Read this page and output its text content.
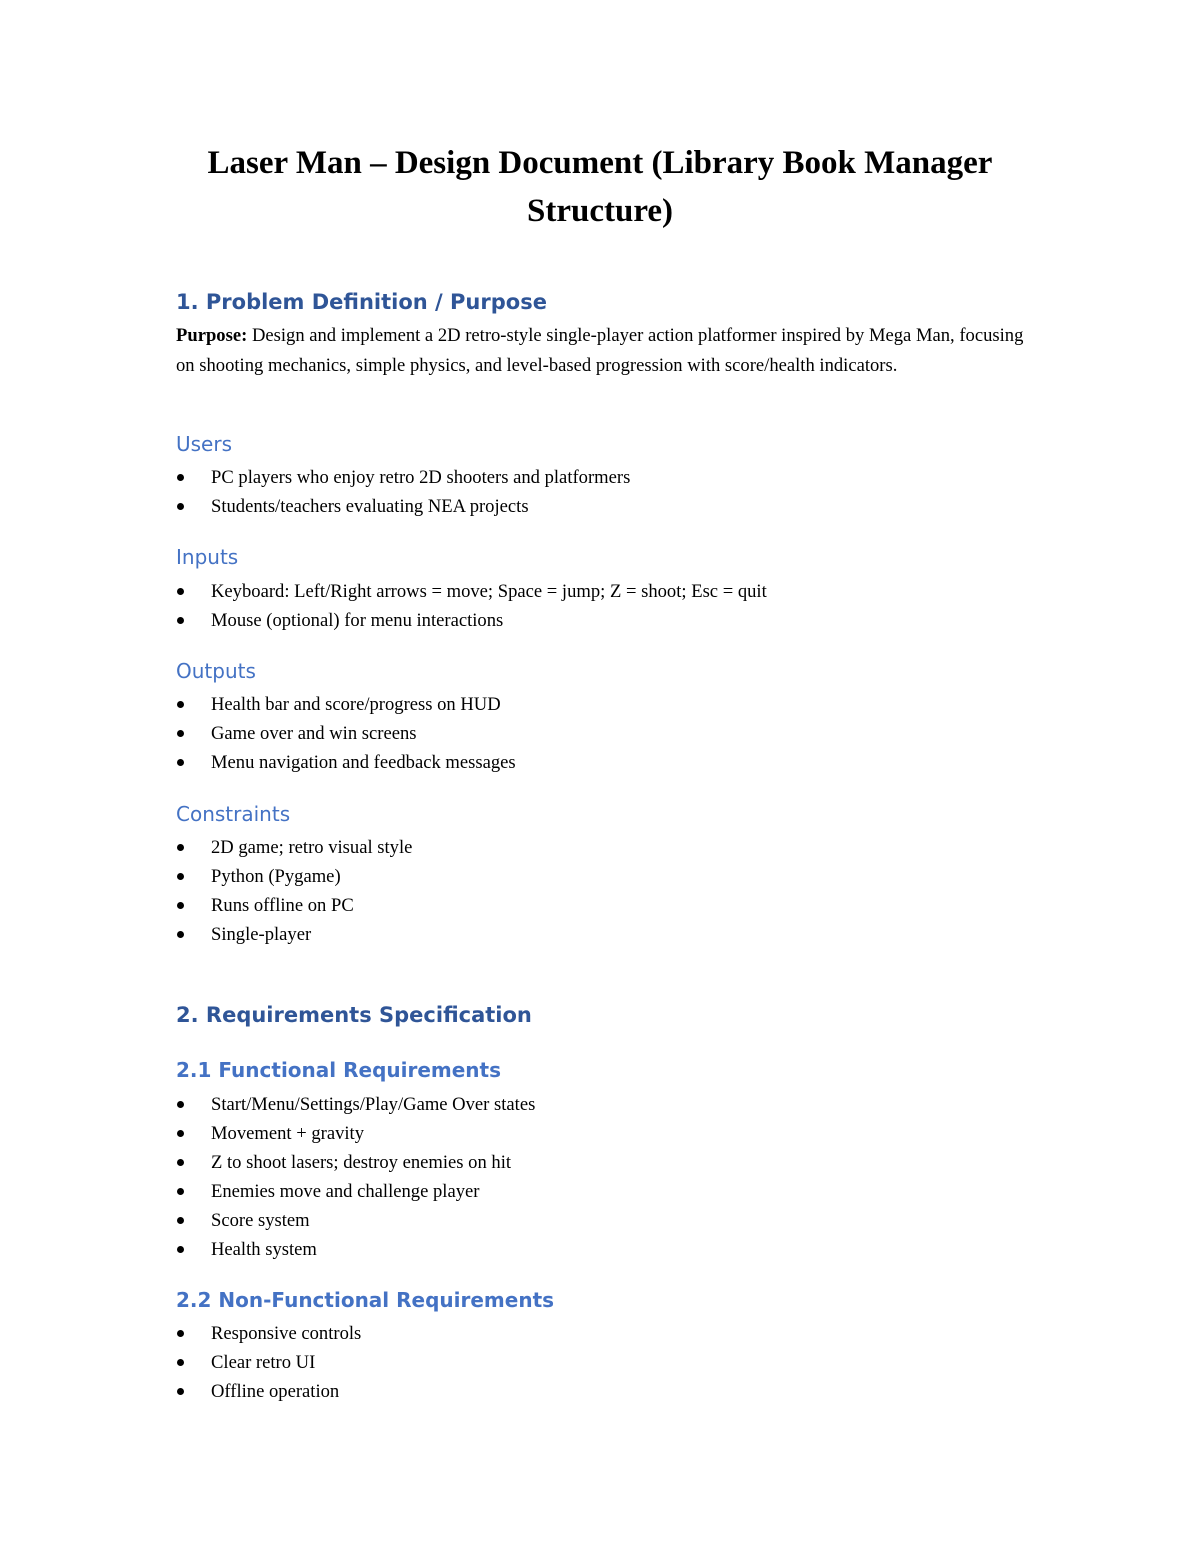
Laser Man – Design Document (Library Book Manager Structure)
1. Problem Definition / Purpose
Purpose: Design and implement a 2D retro-style single-player action platformer inspired by Mega Man, focusing on shooting mechanics, simple physics, and level-based progression with score/health indicators.
Users
PC players who enjoy retro 2D shooters and platformers
Students/teachers evaluating NEA projects
Inputs
Keyboard: Left/Right arrows = move; Space = jump; Z = shoot; Esc = quit
Mouse (optional) for menu interactions
Outputs
Health bar and score/progress on HUD
Game over and win screens
Menu navigation and feedback messages
Constraints
2D game; retro visual style
Python (Pygame)
Runs offline on PC
Single-player
2. Requirements Specification
2.1 Functional Requirements
Start/Menu/Settings/Play/Game Over states
Movement + gravity
Z to shoot lasers; destroy enemies on hit
Enemies move and challenge player
Score system
Health system
2.2 Non-Functional Requirements
Responsive controls
Clear retro UI
Offline operation
